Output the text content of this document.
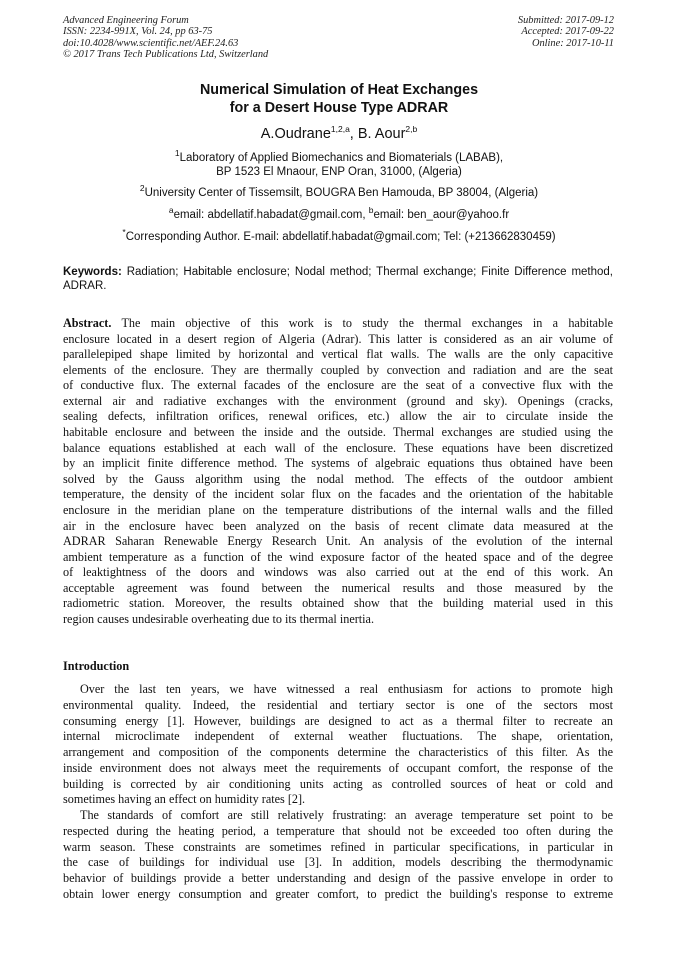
Advanced Engineering Forum
ISSN: 2234-991X, Vol. 24, pp 63-75
doi:10.4028/www.scientific.net/AEF.24.63
© 2017 Trans Tech Publications Ltd, Switzerland
Submitted: 2017-09-12
Accepted: 2017-09-22
Online: 2017-10-11
Numerical Simulation of Heat Exchanges
for a Desert House Type ADRAR
A.Oudrane$^{1,2,a}$, B. Aour$^{2,b}$
$^1$Laboratory of Applied Biomechanics and Biomaterials (LABAB),
BP 1523 El Mnaour, ENP Oran, 31000, (Algeria)
$^2$University Center of Tissemsilt, BOUGRA Ben Hamouda, BP 38004, (Algeria)
$^a$email: abdellatif.habadat@gmail.com, $^b$email: ben_aour@yahoo.fr
*Corresponding Author. E-mail: abdellatif.habadat@gmail.com; Tel: (+213662830459)
Keywords: Radiation; Habitable enclosure; Nodal method; Thermal exchange; Finite Difference method, ADRAR.
Abstract. The main objective of this work is to study the thermal exchanges in a habitable
enclosure located in a desert region of Algeria (Adrar). This latter is considered as an air volume of
parallelepiped shape limited by horizontal and vertical flat walls. The walls are the only capacitive
elements of the enclosure. They are thermally coupled by convection and radiation and are the seat
of conductive flux. The external facades of the enclosure are the seat of a convective flux with the
external air and radiative exchanges with the environment (ground and sky). Openings (cracks,
sealing defects, infiltration orifices, renewal orifices, etc.) allow the air to circulate inside the
habitable enclosure and between the inside and the outside. Thermal exchanges are studied using the
balance equations established at each wall of the enclosure. These equations have been discretized
by an implicit finite difference method. The systems of algebraic equations thus obtained have been
solved by the Gauss algorithm using the nodal method. The effects of the outdoor ambient
temperature, the density of the incident solar flux on the facades and the orientation of the habitable
enclosure in the meridian plane on the temperature distributions of the internal walls and the filled
air in the enclosure havec been analyzed on the basis of recent climate data measured at the
ADRAR Saharan Renewable Energy Research Unit. An analysis of the evolution of the internal
ambient temperature as a function of the wind exposure factor of the heated space and of the degree
of leaktightness of the doors and windows was also carried out at the end of this work. An
acceptable agreement was found between the numerical results and those measured by the
radiometric station. Moreover, the results obtained show that the building material used in this
region causes undesirable overheating due to its thermal inertia.
Introduction
Over the last ten years, we have witnessed a real enthusiasm for actions to promote high
environmental quality. Indeed, the residential and tertiary sector is one of the sectors most
consuming energy [1]. However, buildings are designed to act as a thermal filter to recreate an
internal microclimate independent of external weather fluctuations. The shape, orientation,
arrangement and composition of the components determine the characteristics of this filter. As the
inside environment does not always meet the requirements of occupant comfort, the response of the
building is corrected by air conditioning units acting as controlled sources of heat or cold and
sometimes having an effect on humidity rates [2].
The standards of comfort are still relatively frustrating: an average temperature set point to be
respected during the heating period, a temperature that should not be exceeded too often during the
warm season. These constraints are sometimes refined in particular specifications, in particular in
the case of buildings for individual use [3]. In addition, models describing the thermodynamic
behavior of buildings provide a better understanding and design of the passive envelope in order to
obtain lower energy consumption and greater comfort, to predict the building's response to extreme
